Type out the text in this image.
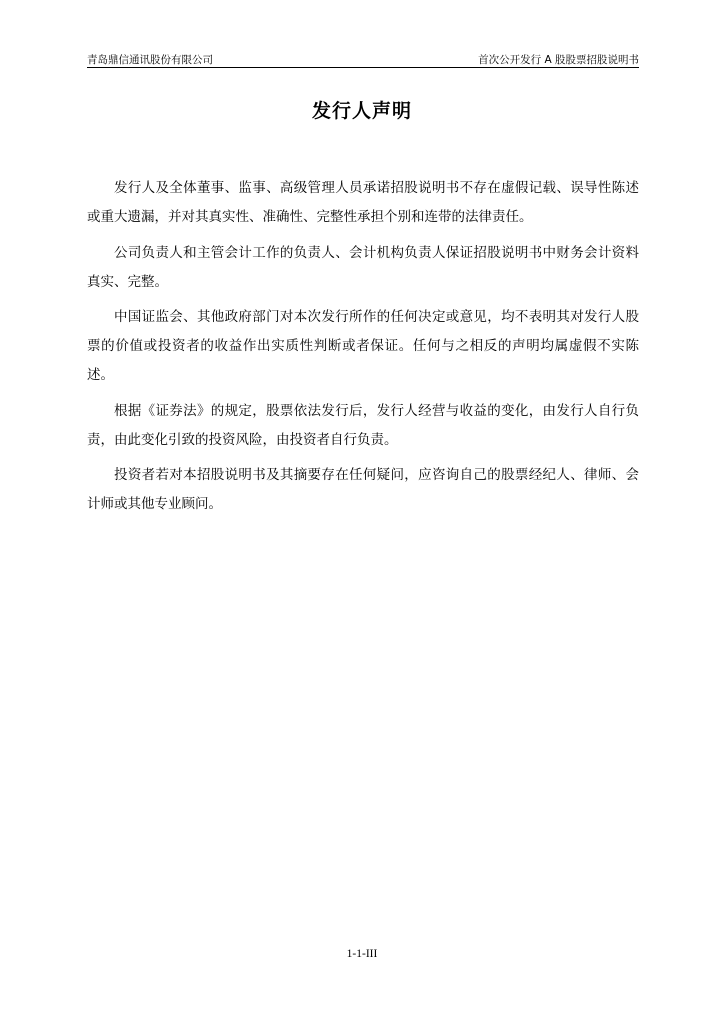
青岛鼎信通讯股份有限公司	首次公开发行 A 股股票招股说明书
发行人声明

发行人及全体董事、监事、高级管理人员承诺招股说明书不存在虚假记载、误导性陈述或重大遗漏，并对其真实性、准确性、完整性承担个别和连带的法律责任。

公司负责人和主管会计工作的负责人、会计机构负责人保证招股说明书中财务会计资料真实、完整。

中国证监会、其他政府部门对本次发行所作的任何决定或意见，均不表明其对发行人股票的价值或投资者的收益作出实质性判断或者保证。任何与之相反的声明均属虚假不实陈述。

根据《证券法》的规定，股票依法发行后，发行人经营与收益的变化，由发行人自行负责，由此变化引致的投资风险，由投资者自行负责。

投资者若对本招股说明书及其摘要存在任何疑问，应咨询自己的股票经纪人、律师、会计师或其他专业顾问。

1-1-III
